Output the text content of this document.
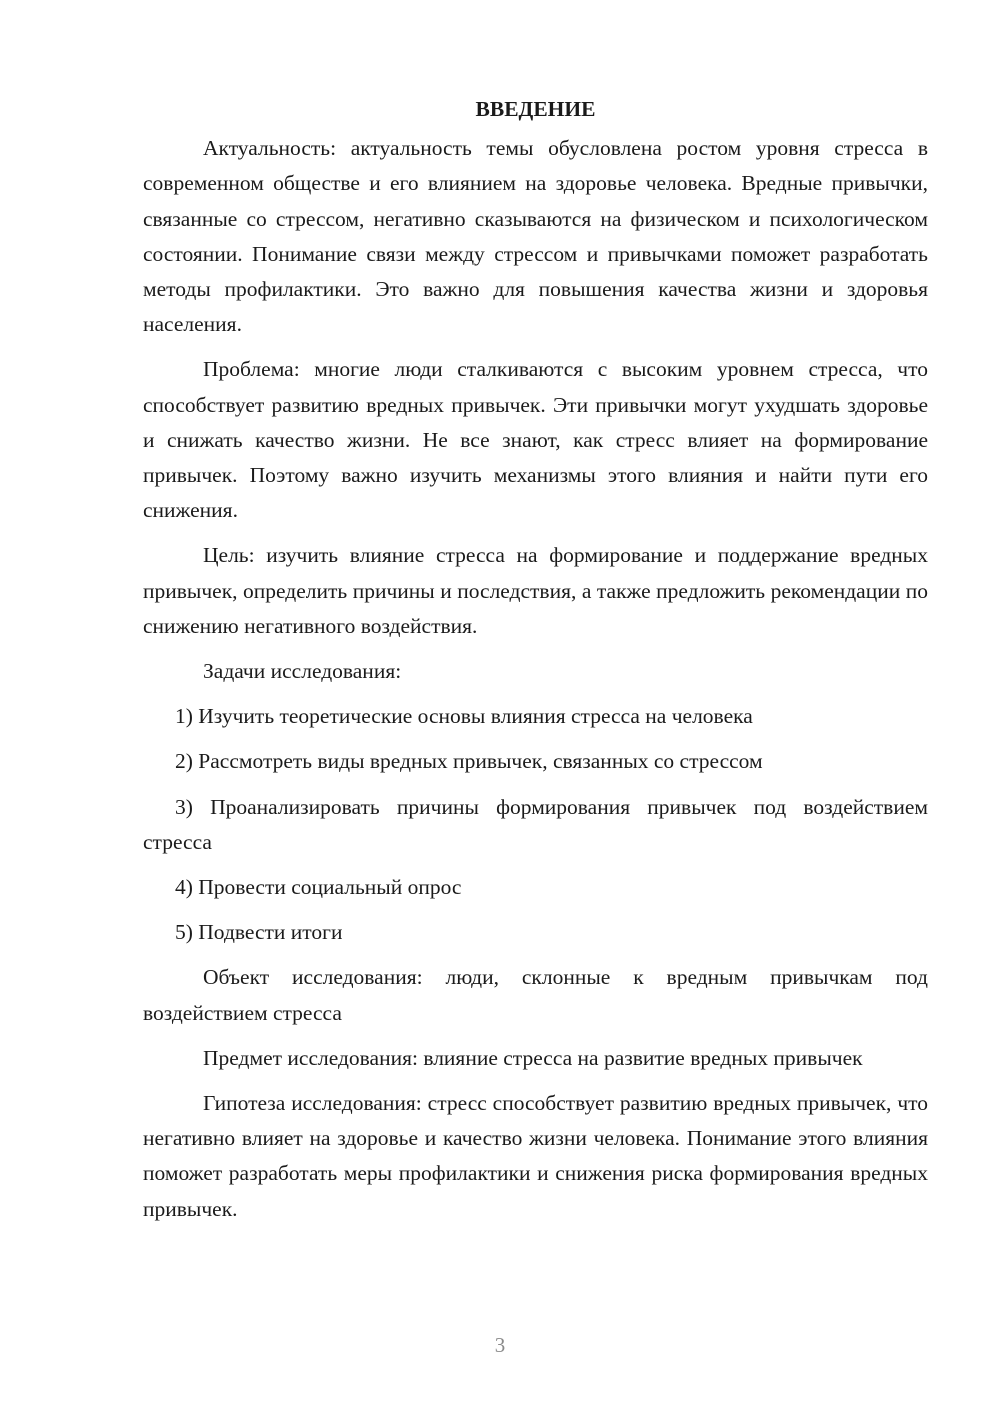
ВВЕДЕНИЕ
Актуальность: актуальность темы обусловлена ростом уровня стресса в современном обществе и его влиянием на здоровье человека. Вредные привычки, связанные со стрессом, негативно сказываются на физическом и психологическом состоянии. Понимание связи между стрессом и привычками поможет разработать методы профилактики. Это важно для повышения качества жизни и здоровья населения.
Проблема: многие люди сталкиваются с высоким уровнем стресса, что способствует развитию вредных привычек. Эти привычки могут ухудшать здоровье и снижать качество жизни. Не все знают, как стресс влияет на формирование привычек. Поэтому важно изучить механизмы этого влияния и найти пути его снижения.
Цель: изучить влияние стресса на формирование и поддержание вредных привычек, определить причины и последствия, а также предложить рекомендации по снижению негативного воздействия.
Задачи исследования:
1) Изучить теоретические основы влияния стресса на человека
2) Рассмотреть виды вредных привычек, связанных со стрессом
3) Проанализировать причины формирования привычек под воздействием стресса
4) Провести социальный опрос
5) Подвести итоги
Объект исследования: люди, склонные к вредным привычкам под воздействием стресса
Предмет исследования: влияние стресса на развитие вредных привычек
Гипотеза исследования: стресс способствует развитию вредных привычек, что негативно влияет на здоровье и качество жизни человека. Понимание этого влияния поможет разработать меры профилактики и снижения риска формирования вредных привычек.
3
